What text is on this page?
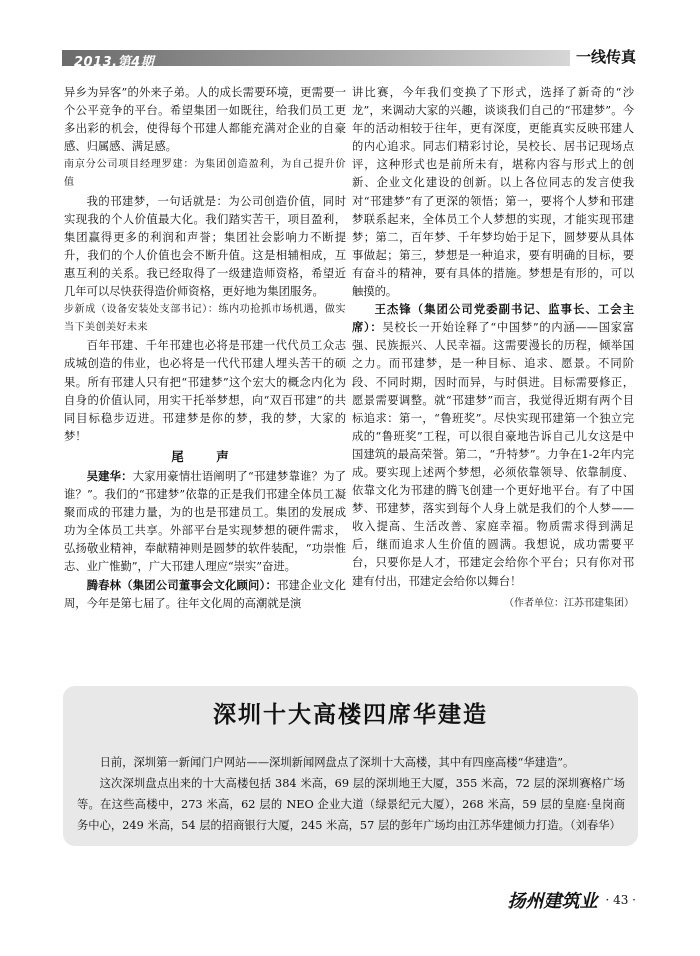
2013.第4期	一线传真

异乡为异客”的外来子弟。人的成长需要环境，更需要一个公平竞争的平台。希望集团一如既往，给我们员工更多出彩的机会，使得每个邗建人都能充满对企业的自豪感、归属感、满足感。

南京分公司项目经理罗建：为集团创造盈利，为自己提升价值

我的邗建梦，一句话就是：为公司创造价值，同时实现我的个人价值最大化。我们踏实苦干，项目盈利，集团赢得更多的利润和声誉；集团社会影响力不断提升，我们的个人价值也会不断升值。这是相辅相成，互惠互利的关系。我已经取得了一级建造师资格，希望近几年可以尽快获得造价师资格，更好地为集团服务。

步新成（设备安装处支部书记）：练内功抢抓市场机遇，做实当下美创美好未来

百年邗建、千年邗建也必将是邗建一代代员工众志成城创造的伟业，也必将是一代代邗建人埋头苦干的硕果。所有邗建人只有把“邗建梦”这个宏大的概念内化为自身的价值认同，用实干托举梦想，向“双百邗建”的共同目标稳步迈进。邗建梦是你的梦，我的梦，大家的梦！

尾　声

吴建华：大家用豪情壮语阐明了“邗建梦靠谁？为了谁？”。我们的“邗建梦”依靠的正是我们邗建全体员工凝聚而成的邗建力量，为的也是邗建员工。集团的发展成功为全体员工共享。外部平台是实现梦想的硬件需求，弘扬敬业精神，奉献精神则是圆梦的软件装配，“功崇惟志、业广惟勤”，广大邗建人理应“崇实”奋进。

腾春林（集团公司董事会文化顾问）：邗建企业文化周，今年是第七届了。往年文化周的高潮就是演

讲比赛，今年我们变换了下形式，选择了新奇的“沙龙”，来调动大家的兴趣，谈谈我们自己的“邗建梦”。今年的活动相较于往年，更有深度，更能真实反映邗建人的内心追求。同志们精彩讨论，吴校长、居书记现场点评，这种形式也是前所未有，堪称内容与形式上的创新、企业文化建设的创新。以上各位同志的发言使我对“邗建梦”有了更深的领悟；第一，要将个人梦和邗建梦联系起来，全体员工个人梦想的实现，才能实现邗建梦；第二，百年梦、千年梦均始于足下，圆梦要从具体事做起；第三，梦想是一种追求，要有明确的目标，要有奋斗的精神，要有具体的措施。梦想是有形的，可以触摸的。

王杰锋（集团公司党委副书记、监事长、工会主席）：吴校长一开始诠释了“中国梦”的内涵——国家富强、民族振兴、人民幸福。这需要漫长的历程，倾举国之力。而邗建梦，是一种目标、追求、愿景。不同阶段、不同时期，因时而异，与时俱进。目标需要修正，愿景需要调整。就“邗建梦”而言，我觉得近期有两个目标追求：第一，“鲁班奖”。尽快实现邗建第一个独立完成的“鲁班奖”工程，可以很自豪地告诉自己儿女这是中国建筑的最高荣誉。第二，“升特梦”。力争在1-2年内完成。要实现上述两个梦想，必须依靠领导、依靠制度、依靠文化为邗建的腾飞创建一个更好地平台。有了中国梦、邗建梦，落实到每个人身上就是我们的个人梦——收入提高、生活改善、家庭幸福。物质需求得到满足后，继而追求人生价值的圆满。我想说，成功需要平台，只要你是人才，邗建定会给你个平台；只有你对邗建有付出，邗建定会给你以舞台！

（作者单位：江苏邗建集团）

深圳十大高楼四席华建造

日前，深圳第一新闻门户网站——深圳新闻网盘点了深圳十大高楼，其中有四座高楼“华建造”。

这次深圳盘点出来的十大高楼包括 384 米高，69 层的深圳地王大厦，355 米高，72 层的深圳赛格广场等。在这些高楼中，273 米高，62 层的 NEO 企业大道（绿景纪元大厦），268 米高，59 层的皇庭·皇岗商务中心，249 米高，54 层的招商银行大厦，245 米高，57 层的彭年广场均由江苏华建倾力打造。（刘春华）

扬州建筑业 · 43 ·
